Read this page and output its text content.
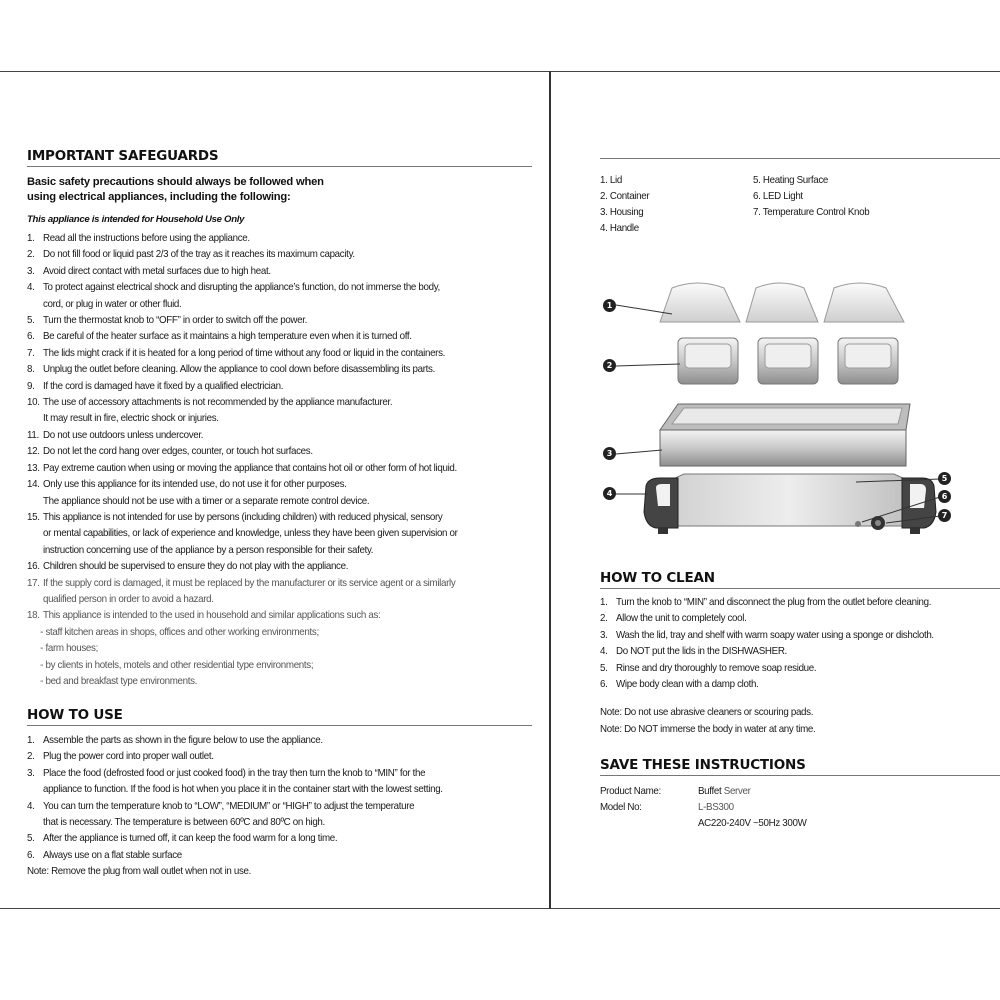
IMPORTANT SAFEGUARDS
Basic safety precautions should always be followed when
using electrical appliances, including the following:
This appliance is intended for Household Use Only
1. Read all the instructions before using the appliance.
2. Do not fill food or liquid past 2/3 of the tray as it reaches its maximum capacity.
3. Avoid direct contact with metal surfaces due to high heat.
4. To protect against electrical shock and disrupting the appliance’s function, do not immerse the body,
cord, or plug in water or other fluid.
5. Turn the thermostat knob to “OFF” in order to switch off the power.
6. Be careful of the heater surface as it maintains a high temperature even when it is turned off.
7. The lids might crack if it is heated for a long period of time without any food or liquid in the containers.
8. Unplug the outlet before cleaning. Allow the appliance to cool down before disassembling its parts.
9. If the cord is damaged have it fixed by a qualified electrician.
10. The use of accessory attachments is not recommended by the appliance manufacturer.
It may result in fire, electric shock or injuries.
11. Do not use outdoors unless undercover.
12. Do not let the cord hang over edges, counter, or touch hot surfaces.
13. Pay extreme caution when using or moving the appliance that contains hot oil or other form of hot liquid.
14. Only use this appliance for its intended use, do not use it for other purposes.
The appliance should not be use with a timer or a separate remote control device.
15. This appliance is not intended for use by persons (including children) with reduced physical, sensory
or mental capabilities, or lack of experience and knowledge, unless they have been given supervision or
instruction concerning use of the appliance by a person responsible for their safety.
16. Children should be supervised to ensure they do not play with the appliance.
17. If the supply cord is damaged, it must be replaced by the manufacturer or its service agent or a similarly
qualified person in order to avoid a hazard.
18. This appliance is intended to the used in household and similar applications such as:
- staff kitchen areas in shops, offices and other working environments;
- farm houses;
- by clients in hotels, motels and other residential type environments;
- bed and breakfast type environments.
HOW TO USE
1. Assemble the parts as shown in the figure below to use the appliance.
2. Plug the power cord into proper wall outlet.
3. Place the food (defrosted food or just cooked food) in the tray then turn the knob to “MIN” for the
appliance to function. If the food is hot when you place it in the container start with the lowest setting.
4. You can turn the temperature knob to “LOW”, “MEDIUM” or “HIGH” to adjust the temperature
that is necessary. The temperature is between 60ºC and 80ºC on high.
5. After the appliance is turned off, it can keep the food warm for a long time.
6. Always use on a flat stable surface
Note: Remove the plug from wall outlet when not in use.
1. Lid
2. Container
3. Housing
4. Handle
5. Heating Surface
6. LED Light
7. Temperature Control Knob
1
2
3
4
5
6
7
HOW TO CLEAN
1. Turn the knob to “MIN” and disconnect the plug from the outlet before cleaning.
2. Allow the unit to completely cool.
3. Wash the lid, tray and shelf with warm soapy water using a sponge or dishcloth.
4. Do NOT put the lids in the DISHWASHER.
5. Rinse and dry thoroughly to remove soap residue.
6. Wipe body clean with a damp cloth.
Note: Do not use abrasive cleaners or scouring pads.
Note: Do NOT immerse the body in water at any time.
SAVE THESE INSTRUCTIONS
Product Name:	Buffet Server
Model No:	L-BS300
AC220-240V ~50Hz 300W
